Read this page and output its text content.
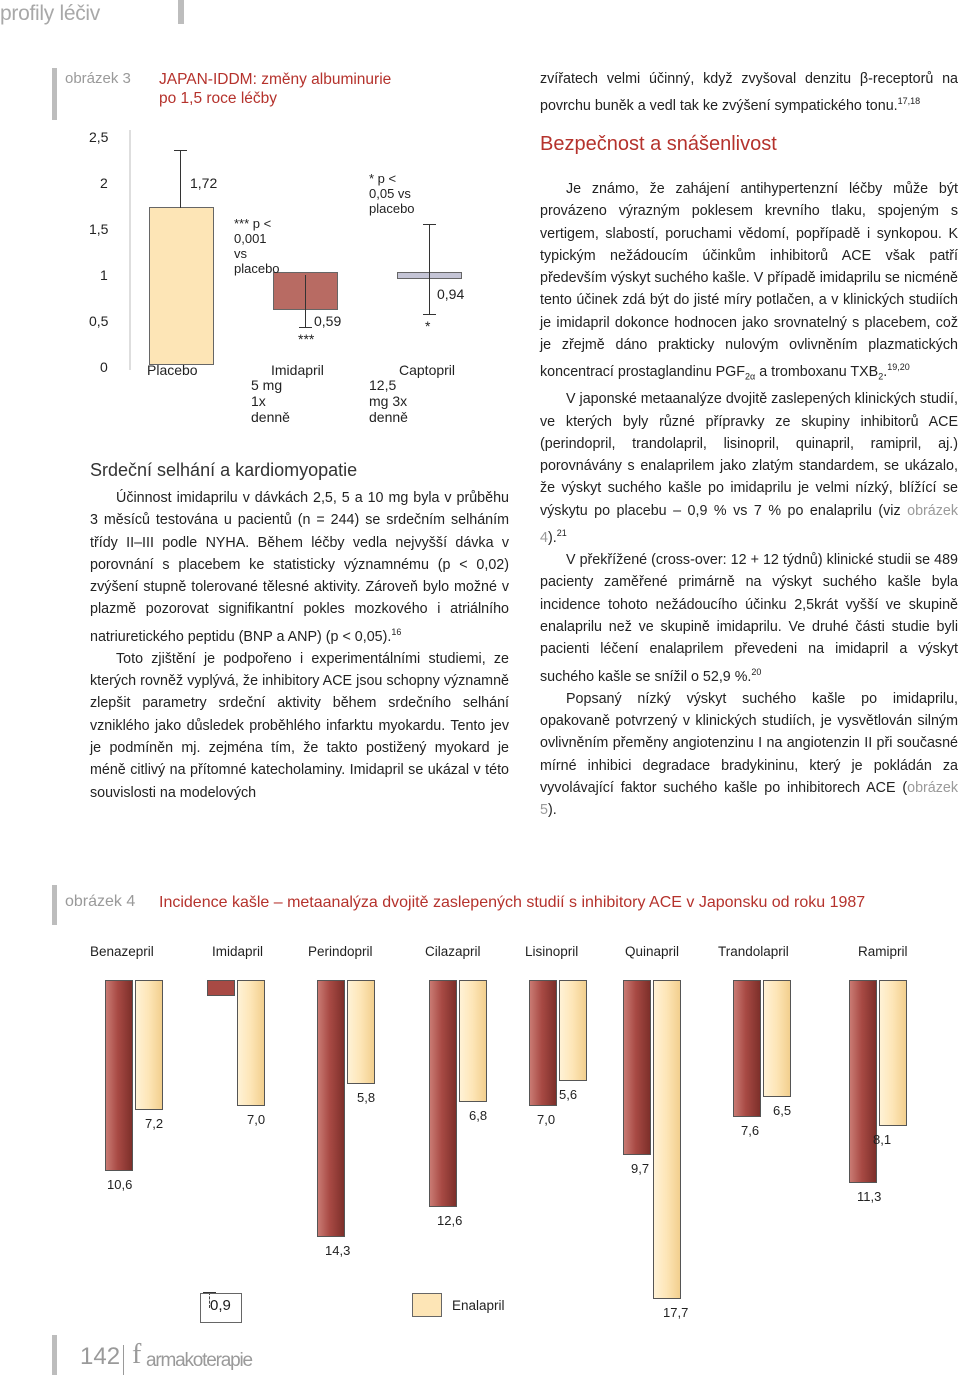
profily léčiv
obrázek 3 JAPAN-IDDM: změny albuminurie
po 1,5 roce léčby
2,5
2
1,5
1
0,5
0
1,72
0,59
***
0,94
*
*** p < 0,001 vs placebo
* p < 0,05 vs placebo
Placebo	Imidapril
5 mg 1x denně
Captopril
12,5 mg 3x denně
Srdeční selhání a kardiomyopatie

Účinnost imidaprilu v dávkách 2,5, 5 a 10 mg byla v průběhu 3 měsíců testována u pacientů (n = 244) se srdečním selháním třídy II–III podle NYHA. Během léčby vedla nejvyšší dávka v porovnání s placebem ke statisticky významnému (p < 0,02) zvýšení stupně tolerované tělesné aktivity. Zároveň bylo možné v plazmě pozorovat signifikantní pokles mozkového i atriálního natriuretického peptidu (BNP a ANP) (p < 0,05).$^{16}$

Toto zjištění je podpořeno i experimentálními studiemi, ze kterých rovněž vyplývá, že inhibitory ACE jsou schopny významně zlepšit parametry srdeční aktivity během srdečního selhání vzniklého jako důsledek proběhlého infarktu myokardu. Tento jev je podmíněn mj. zejména tím, že takto postižený myokard je méně citlivý na přítomné katecholaminy. Imidapril se ukázal v této souvislosti na modelových

zvířatech velmi účinný, když zvyšoval denzitu β-receptorů na povrchu buněk a vedl tak ke zvýšení sympatického tonu.$^{17,18}$

Bezpečnost a snášenlivost

Je známo, že zahájení antihypertenzní léčby může být provázeno výrazným poklesem krevního tlaku, spojeným s vertigem, slabostí, poruchami vědomí, popřípadě i synkopou. K typickým nežádoucím účinkům inhibitorů ACE však patří především výskyt suchého kašle. V případě imidaprilu se nicméně tento účinek zdá být do jisté míry potlačen, a v klinických studiích je imidapril dokonce hodnocen jako srovnatelný s placebem, což je zřejmě dáno prakticky nulovým ovlivněním plazmatických koncentrací prostaglandinu $PGF_{2\alpha}$ a tromboxanu $TXB_2.^{19,20}$

V japonské metaanalýze dvojitě zaslepených klinických studií, ve kterých byly různé přípravky ze skupiny inhibitorů ACE (perindopril, trandolapril, lisinopril, quinapril, ramipril, aj.) porovnávány s enalaprilem jako zlatým standardem, se ukázalo, že výskyt suchého kašle po imidaprilu je velmi nízký, blížící se výskytu po placebu – 0,9 % vs 7 % po enalaprilu (viz obrázek 4).$^{21}$

V překřížené (cross-over: 12 + 12 týdnů) klinické studii se 489 pacienty zaměřené primárně na výskyt suchého kašle byla incidence tohoto nežádoucího účinku 2,5krát vyšší ve skupině enalaprilu než ve skupině imidaprilu. Ve druhé části studie byli pacienti léčení enalaprilem převedeni na imidapril a výskyt suchého kašle se snížil o 52,9 %.$^{20}$

Popsaný nízký výskyt suchého kašle po imidaprilu, opakovaně potvrzený v klinických studiích, je vysvětlován silným ovlivněním přeměny angiotenzinu I na angiotenzin II při současné mírné inhibici degradace bradykininu, který je pokládán za vyvolávající faktor suchého kašle po inhibitorech ACE (obrázek 5).

obrázek 4 Incidence kašle – metaanalýza dvojitě zaslepených studií s inhibitory ACE v Japonsku od roku 1987
Benazepril
10,6
7,2
Imidapril
7,0
Perindopril
14,3
5,8
Cilazapril
12,6
6,8
Lisinopril
7,0
5,6
Quinapril
9,7
17,7
Trandolapril
7,6
6,5
Ramipril
11,3
8,1
0,9	Enalapril
142 f armakoterapie
